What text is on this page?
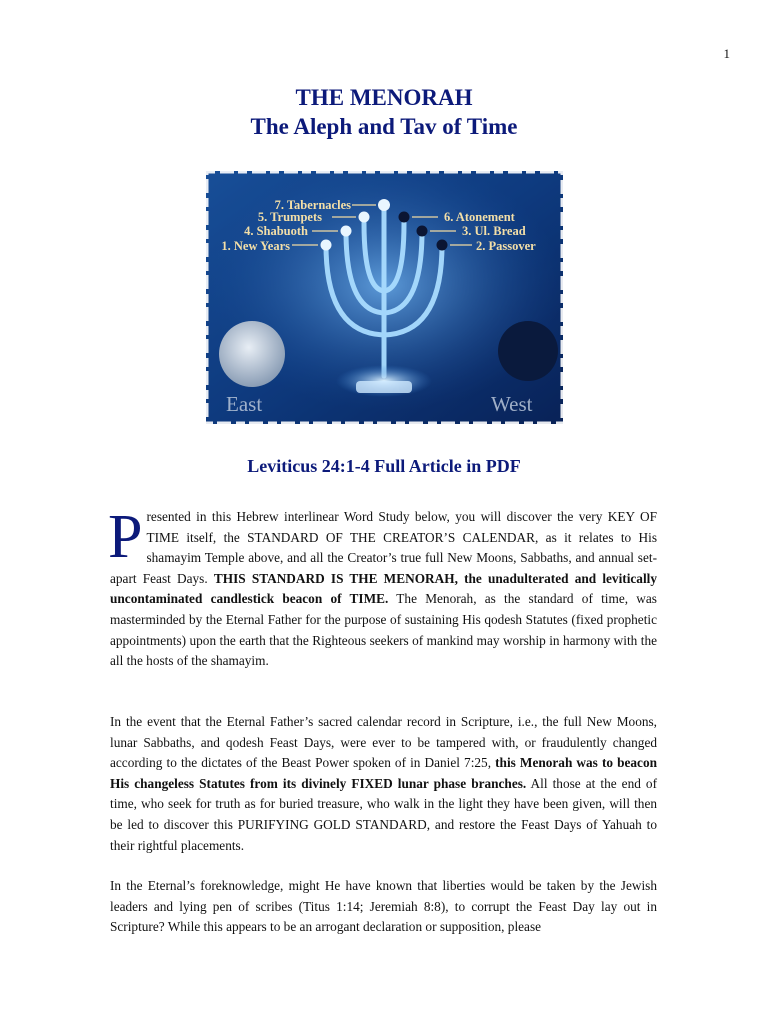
1
THE MENORAH
The Aleph and Tav of Time
7. Tabernacles
5. Trumpets
4. Shabuoth
1. New Years
6. Atonement
3. Ul. Bread
2. Passover
East	West
Leviticus 24:1-4 Full Article in PDF
Presented in this Hebrew interlinear Word Study below, you will discover the very KEY OF TIME itself, the STANDARD OF THE CREATOR’S CALENDAR, as it relates to His shamayim Temple above, and all the Creator’s true full New Moons, Sabbaths, and annual set-apart Feast Days. THIS STANDARD IS THE MENORAH, the unadulterated and levitically uncontaminated candlestick beacon of TIME. The Menorah, as the standard of time, was masterminded by the Eternal Father for the purpose of sustaining His qodesh Statutes (fixed prophetic appointments) upon the earth that the Righteous seekers of mankind may worship in harmony with the all the hosts of the shamayim.
In the event that the Eternal Father’s sacred calendar record in Scripture, i.e., the full New Moons, lunar Sabbaths, and qodesh Feast Days, were ever to be tampered with, or fraudulently changed according to the dictates of the Beast Power spoken of in Daniel 7:25, this Menorah was to beacon His changeless Statutes from its divinely FIXED lunar phase branches. All those at the end of time, who seek for truth as for buried treasure, who walk in the light they have been given, will then be led to discover this PURIFYING GOLD STANDARD, and restore the Feast Days of Yahuah to their rightful placements.
In the Eternal’s foreknowledge, might He have known that liberties would be taken by the Jewish leaders and lying pen of scribes (Titus 1:14; Jeremiah 8:8), to corrupt the Feast Day lay out in Scripture? While this appears to be an arrogant declaration or supposition, please
